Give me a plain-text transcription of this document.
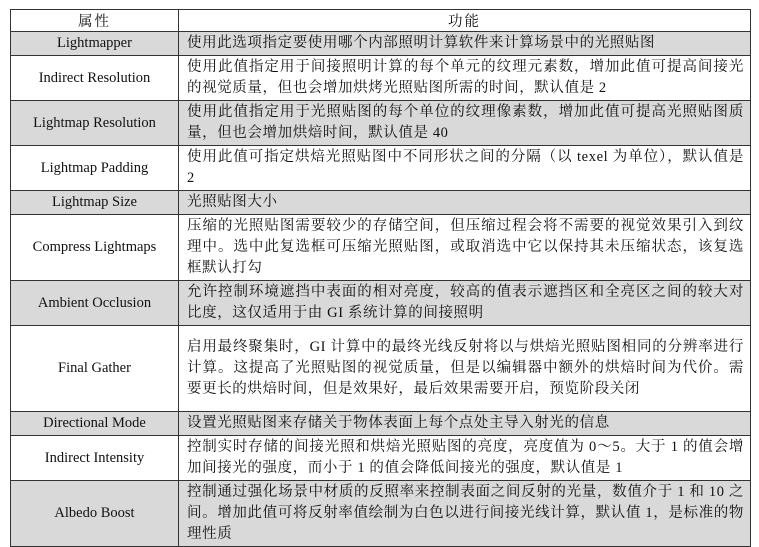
属性	功能
Lightmapper	使用此选项指定要使用哪个内部照明计算软件来计算场景中的光照贴图
Indirect Resolution	使用此值指定用于间接照明计算的每个单元的纹理元素数，增加此值可提高间接光的视觉质量，但也会增加烘烤光照贴图所需的时间，默认值是 2
Lightmap Resolution	使用此值指定用于光照贴图的每个单位的纹理像素数，增加此值可提高光照贴图质量，但也会增加烘焙时间，默认值是 40
Lightmap Padding	使用此值可指定烘焙光照贴图中不同形状之间的分隔（以 texel 为单位），默认值是 2
Lightmap Size	光照贴图大小
Compress Lightmaps	压缩的光照贴图需要较少的存储空间，但压缩过程会将不需要的视觉效果引入到纹理中。选中此复选框可压缩光照贴图，或取消选中它以保持其未压缩状态，该复选框默认打勾
Ambient Occlusion	允许控制环境遮挡中表面的相对亮度，较高的值表示遮挡区和全亮区之间的较大对比度，这仅适用于由 GI 系统计算的间接照明
Final Gather	启用最终聚集时，GI 计算中的最终光线反射将以与烘焙光照贴图相同的分辨率进行计算。这提高了光照贴图的视觉质量，但是以编辑器中额外的烘焙时间为代价。需要更长的烘焙时间，但是效果好，最后效果需要开启，预览阶段关闭
Directional Mode	设置光照贴图来存储关于物体表面上每个点处主导入射光的信息
Indirect Intensity	控制实时存储的间接光照和烘焙光照贴图的亮度，亮度值为 0～5。大于 1 的值会增加间接光的强度，而小于 1 的值会降低间接光的强度，默认值是 1
Albedo Boost	控制通过强化场景中材质的反照率来控制表面之间反射的光量，数值介于 1 和 10 之间。增加此值可将反射率值绘制为白色以进行间接光线计算，默认值 1，是标准的物理性质
